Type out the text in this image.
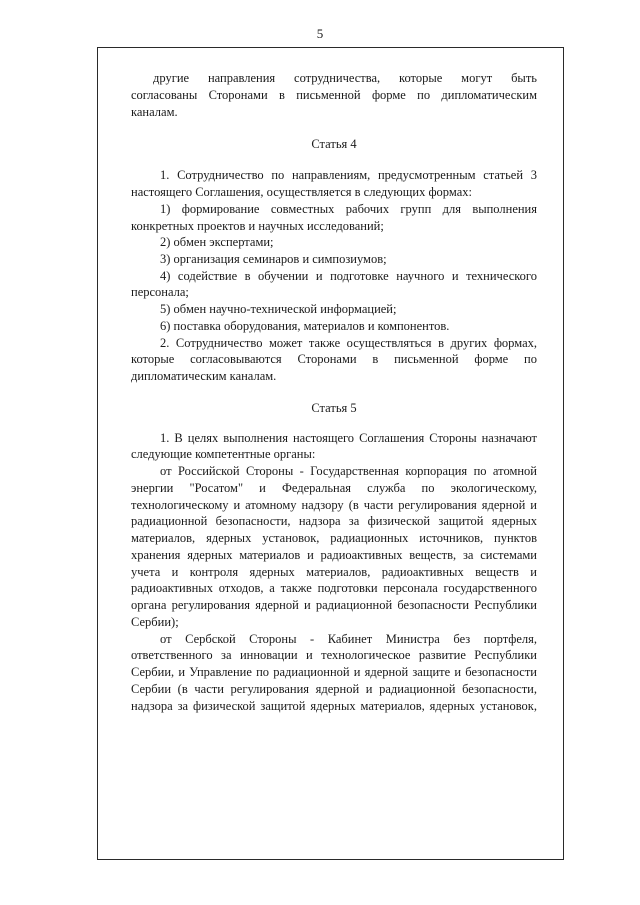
5
другие направления сотрудничества, которые могут быть
согласованы Сторонами в письменной форме по дипломатическим
каналам.
Статья 4
1. Сотрудничество по направлениям, предусмотренным статьей 3
настоящего Соглашения, осуществляется в следующих формах:
1) формирование совместных рабочих групп для выполнения
конкретных проектов и научных исследований;
2) обмен экспертами;
3) организация семинаров и симпозиумов;
4) содействие в обучении и подготовке научного и технического
персонала;
5) обмен научно-технической информацией;
6) поставка оборудования, материалов и компонентов.
2. Сотрудничество может также осуществляться в других формах,
которые согласовываются Сторонами в письменной форме по
дипломатическим каналам.
Статья 5
1. В целях выполнения настоящего Соглашения Стороны назначают
следующие компетентные органы:
от Российской Стороны - Государственная корпорация по атомной
энергии "Росатом" и Федеральная служба по экологическому,
технологическому и атомному надзору (в части регулирования ядерной и
радиационной безопасности, надзора за физической защитой ядерных
материалов, ядерных установок, радиационных источников, пунктов
хранения ядерных материалов и радиоактивных веществ, за системами
учета и контроля ядерных материалов, радиоактивных веществ и
радиоактивных отходов, а также подготовки персонала государственного
органа регулирования ядерной и радиационной безопасности Республики
Сербии);
от Сербской Стороны - Кабинет Министра без портфеля,
ответственного за инновации и технологическое развитие Республики
Сербии, и Управление по радиационной и ядерной защите и безопасности
Сербии (в части регулирования ядерной и радиационной безопасности,
надзора за физической защитой ядерных материалов, ядерных установок,
